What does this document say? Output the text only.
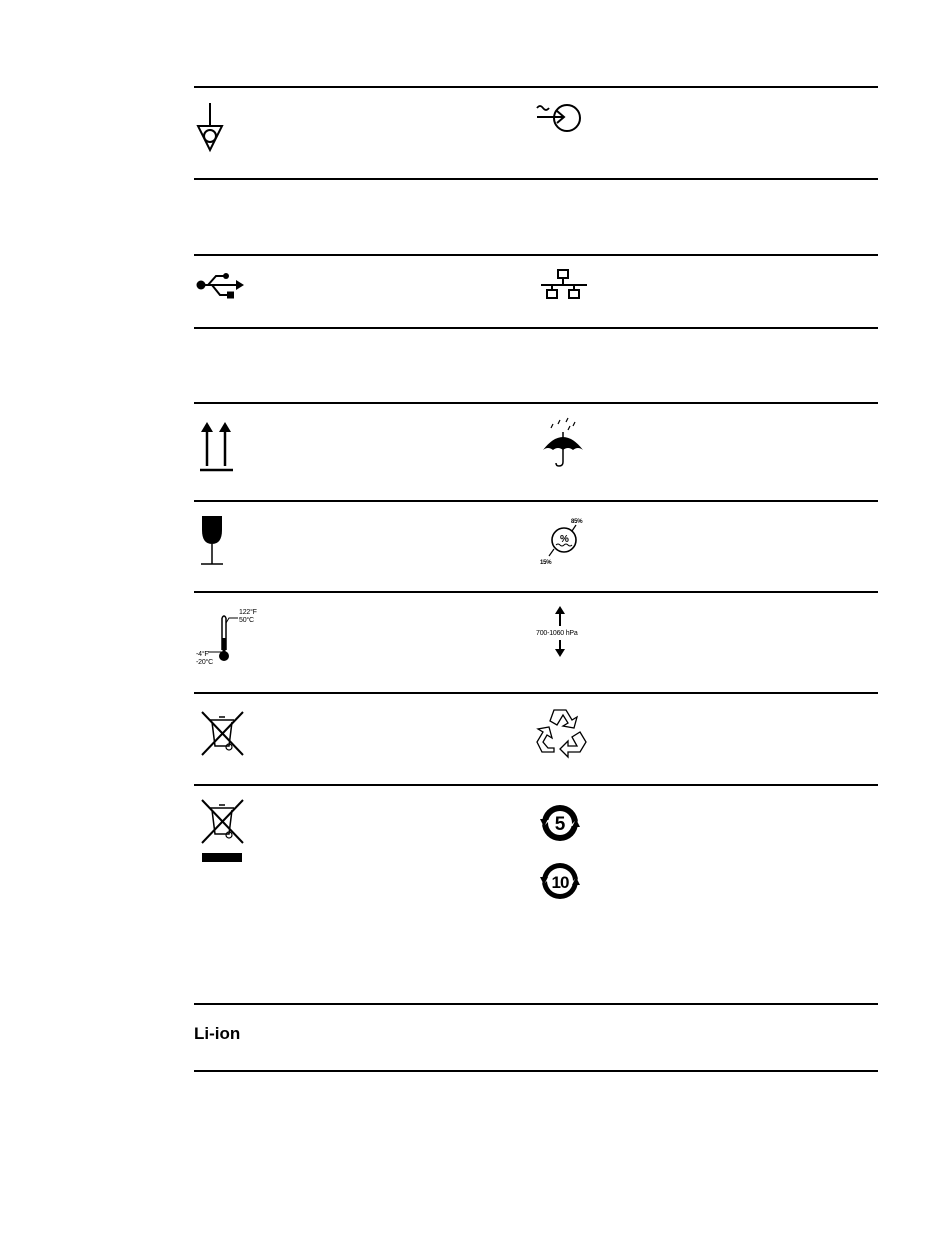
85%
15%
%
122°F
50°C
-4°F
-20°C
700-1060 hPa
5
10
Li-ion
